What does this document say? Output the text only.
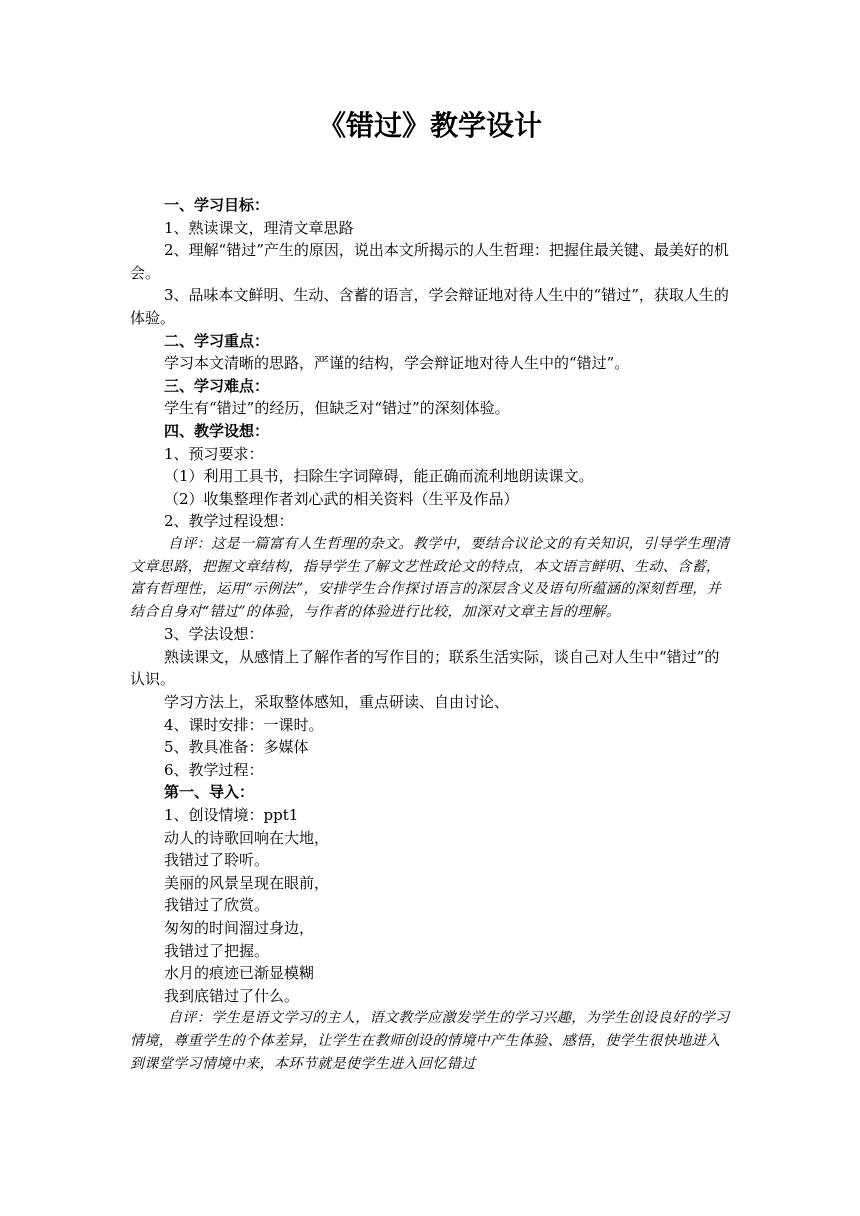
《错过》教学设计

一、学习目标：

1、熟读课文，理清文章思路

2、理解“错过”产生的原因，说出本文所揭示的人生哲理：把握住最关键、最美好的机会。

3、品味本文鲜明、生动、含蓄的语言，学会辩证地对待人生中的“错过”，获取人生的体验。

二、学习重点：

学习本文清晰的思路，严谨的结构，学会辩证地对待人生中的“错过”。

三、学习难点：

学生有“错过”的经历，但缺乏对“错过”的深刻体验。

四、教学设想：

1、预习要求：

（1）利用工具书，扫除生字词障碍，能正确而流利地朗读课文。

（2）收集整理作者刘心武的相关资料（生平及作品）

2、教学过程设想：

自评：这是一篇富有人生哲理的杂文。教学中，要结合议论文的有关知识，引导学生理清文章思路，把握文章结构，指导学生了解文艺性政论文的特点，本文语言鲜明、生动、含蓄，富有哲理性，运用“示例法”，安排学生合作探讨语言的深层含义及语句所蕴涵的深刻哲理，并结合自身对“错过”的体验，与作者的体验进行比较，加深对文章主旨的理解。

3、学法设想：

熟读课文，从感情上了解作者的写作目的；联系生活实际，谈自己对人生中“错过”的认识。

学习方法上，采取整体感知，重点研读、自由讨论、

4、课时安排：一课时。

5、教具准备：多媒体

6、教学过程：

第一、导入：

1、创设情境：ppt1

动人的诗歌回响在大地，

我错过了聆听。

美丽的风景呈现在眼前，

我错过了欣赏。

匆匆的时间溜过身边，

我错过了把握。

水月的痕迹已渐显模糊

我到底错过了什么。

自评：学生是语文学习的主人，语文教学应激发学生的学习兴趣，为学生创设良好的学习情境，尊重学生的个体差异，让学生在教师创设的情境中产生体验、感悟，使学生很快地进入到课堂学习情境中来，本环节就是使学生进入回忆错过
